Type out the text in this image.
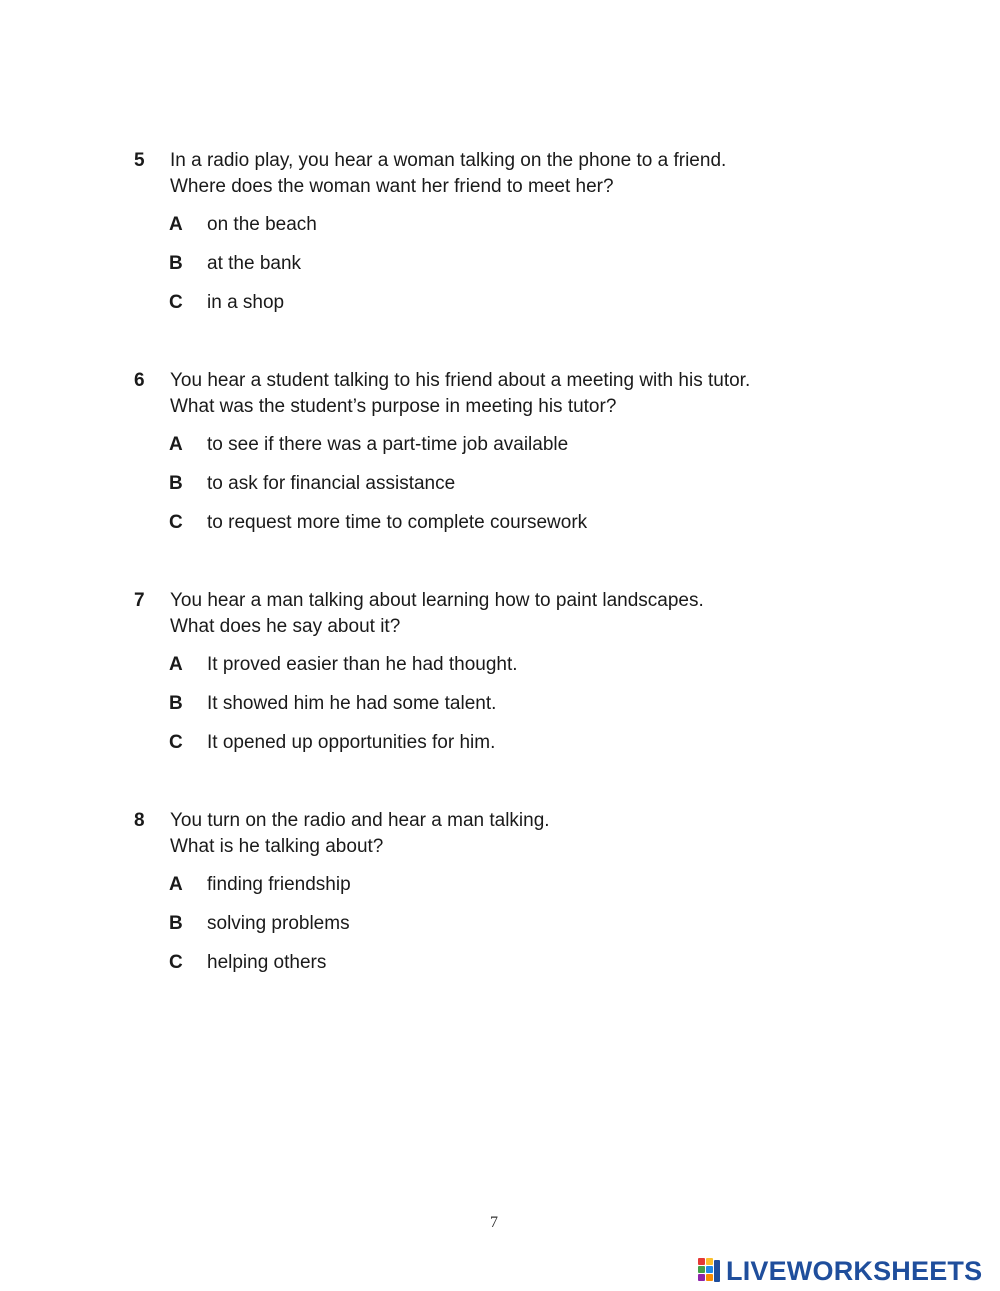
5 In a radio play, you hear a woman talking on the phone to a friend.
Where does the woman want her friend to meet her?
A on the beach
B at the bank
C in a shop
6 You hear a student talking to his friend about a meeting with his tutor.
What was the student’s purpose in meeting his tutor?
A to see if there was a part-time job available
B to ask for financial assistance
C to request more time to complete coursework
7 You hear a man talking about learning how to paint landscapes.
What does he say about it?
A It proved easier than he had thought.
B It showed him he had some talent.
C It opened up opportunities for him.
8 You turn on the radio and hear a man talking.
What is he talking about?
A finding friendship
B solving problems
C helping others
7
LIVEWORKSHEETS
